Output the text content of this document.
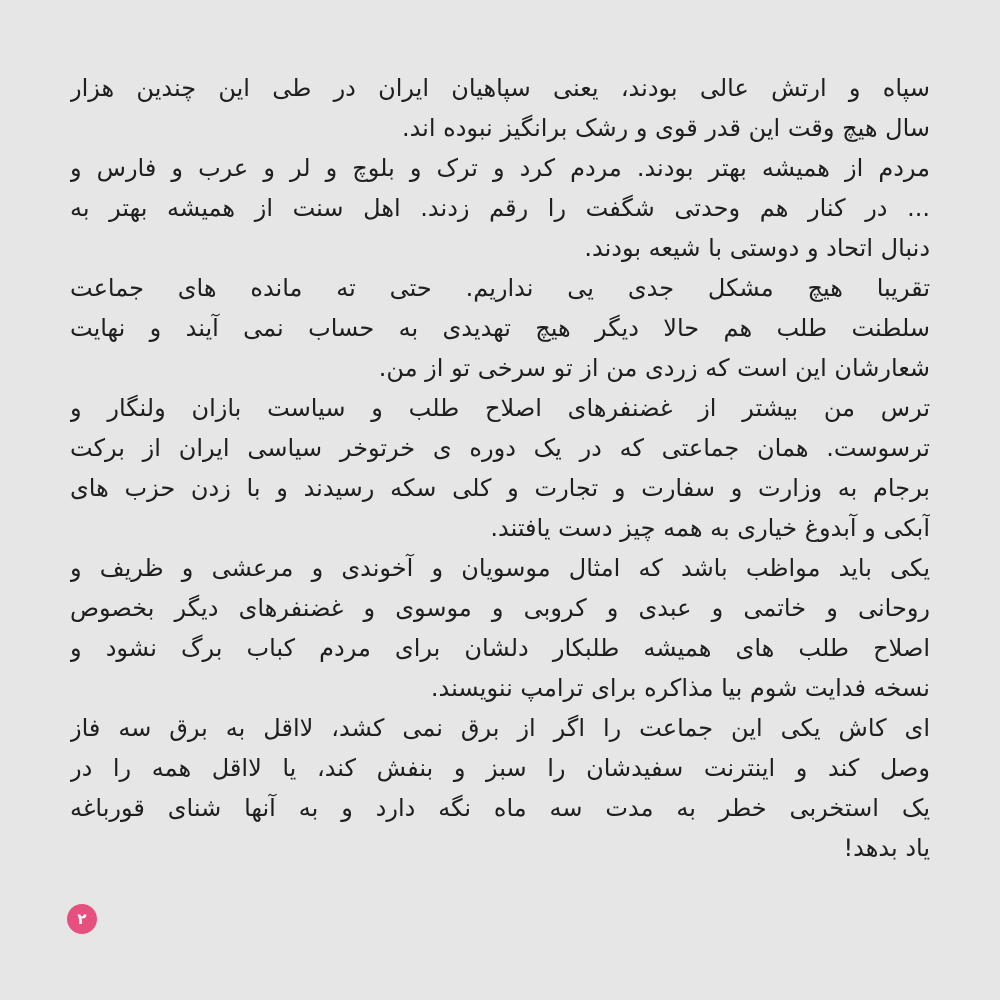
سپاه و ارتش عالی بودند، یعنی سپاهیان ایران در طی این چندین هزار
سال هیچ وقت این قدر قوی و رشک برانگیز نبوده اند.
مردم از همیشه بهتر بودند. مردم کرد و ترک و بلوچ و لر و عرب و فارس و
... در کنار هم وحدتی شگفت را رقم زدند. اهل سنت از همیشه بهتر به
دنبال اتحاد و دوستی با شیعه بودند.
تقریبا هیچ مشکل جدی یی نداریم. حتی ته مانده های جماعت
سلطنت طلب هم حالا دیگر هیچ تهدیدی به حساب نمی آیند و نهایت
شعارشان این است که زردی من از تو سرخی تو از من.
ترس من بیشتر از غضنفرهای اصلاح طلب و سیاست بازان ولنگار و
ترسوست. همان جماعتی که در یک دوره ی خرتوخر سیاسی ایران از برکت
برجام به وزارت و سفارت و تجارت و کلی سکه رسیدند و با زدن حزب های
آبکی و آبدوغ خیاری به همه چیز دست یافتند.
یکی باید مواظب باشد که امثال موسویان و آخوندی و مرعشی و ظریف و
روحانی و خاتمی و عبدی و کروبی و موسوی و غضنفرهای دیگر بخصوص
اصلاح طلب های همیشه طلبکار دلشان برای مردم کباب برگ نشود و
نسخه فدایت شوم بیا مذاکره برای ترامپ ننویسند.
ای کاش یکی این جماعت را اگر از برق نمی کشد، لااقل به برق سه فاز
وصل کند و اینترنت سفیدشان را سبز و بنفش کند، یا لااقل همه را در
یک استخربی خطر به مدت سه ماه نگه دارد و به آنها شنای قورباغه
یاد بدهد!
۲
